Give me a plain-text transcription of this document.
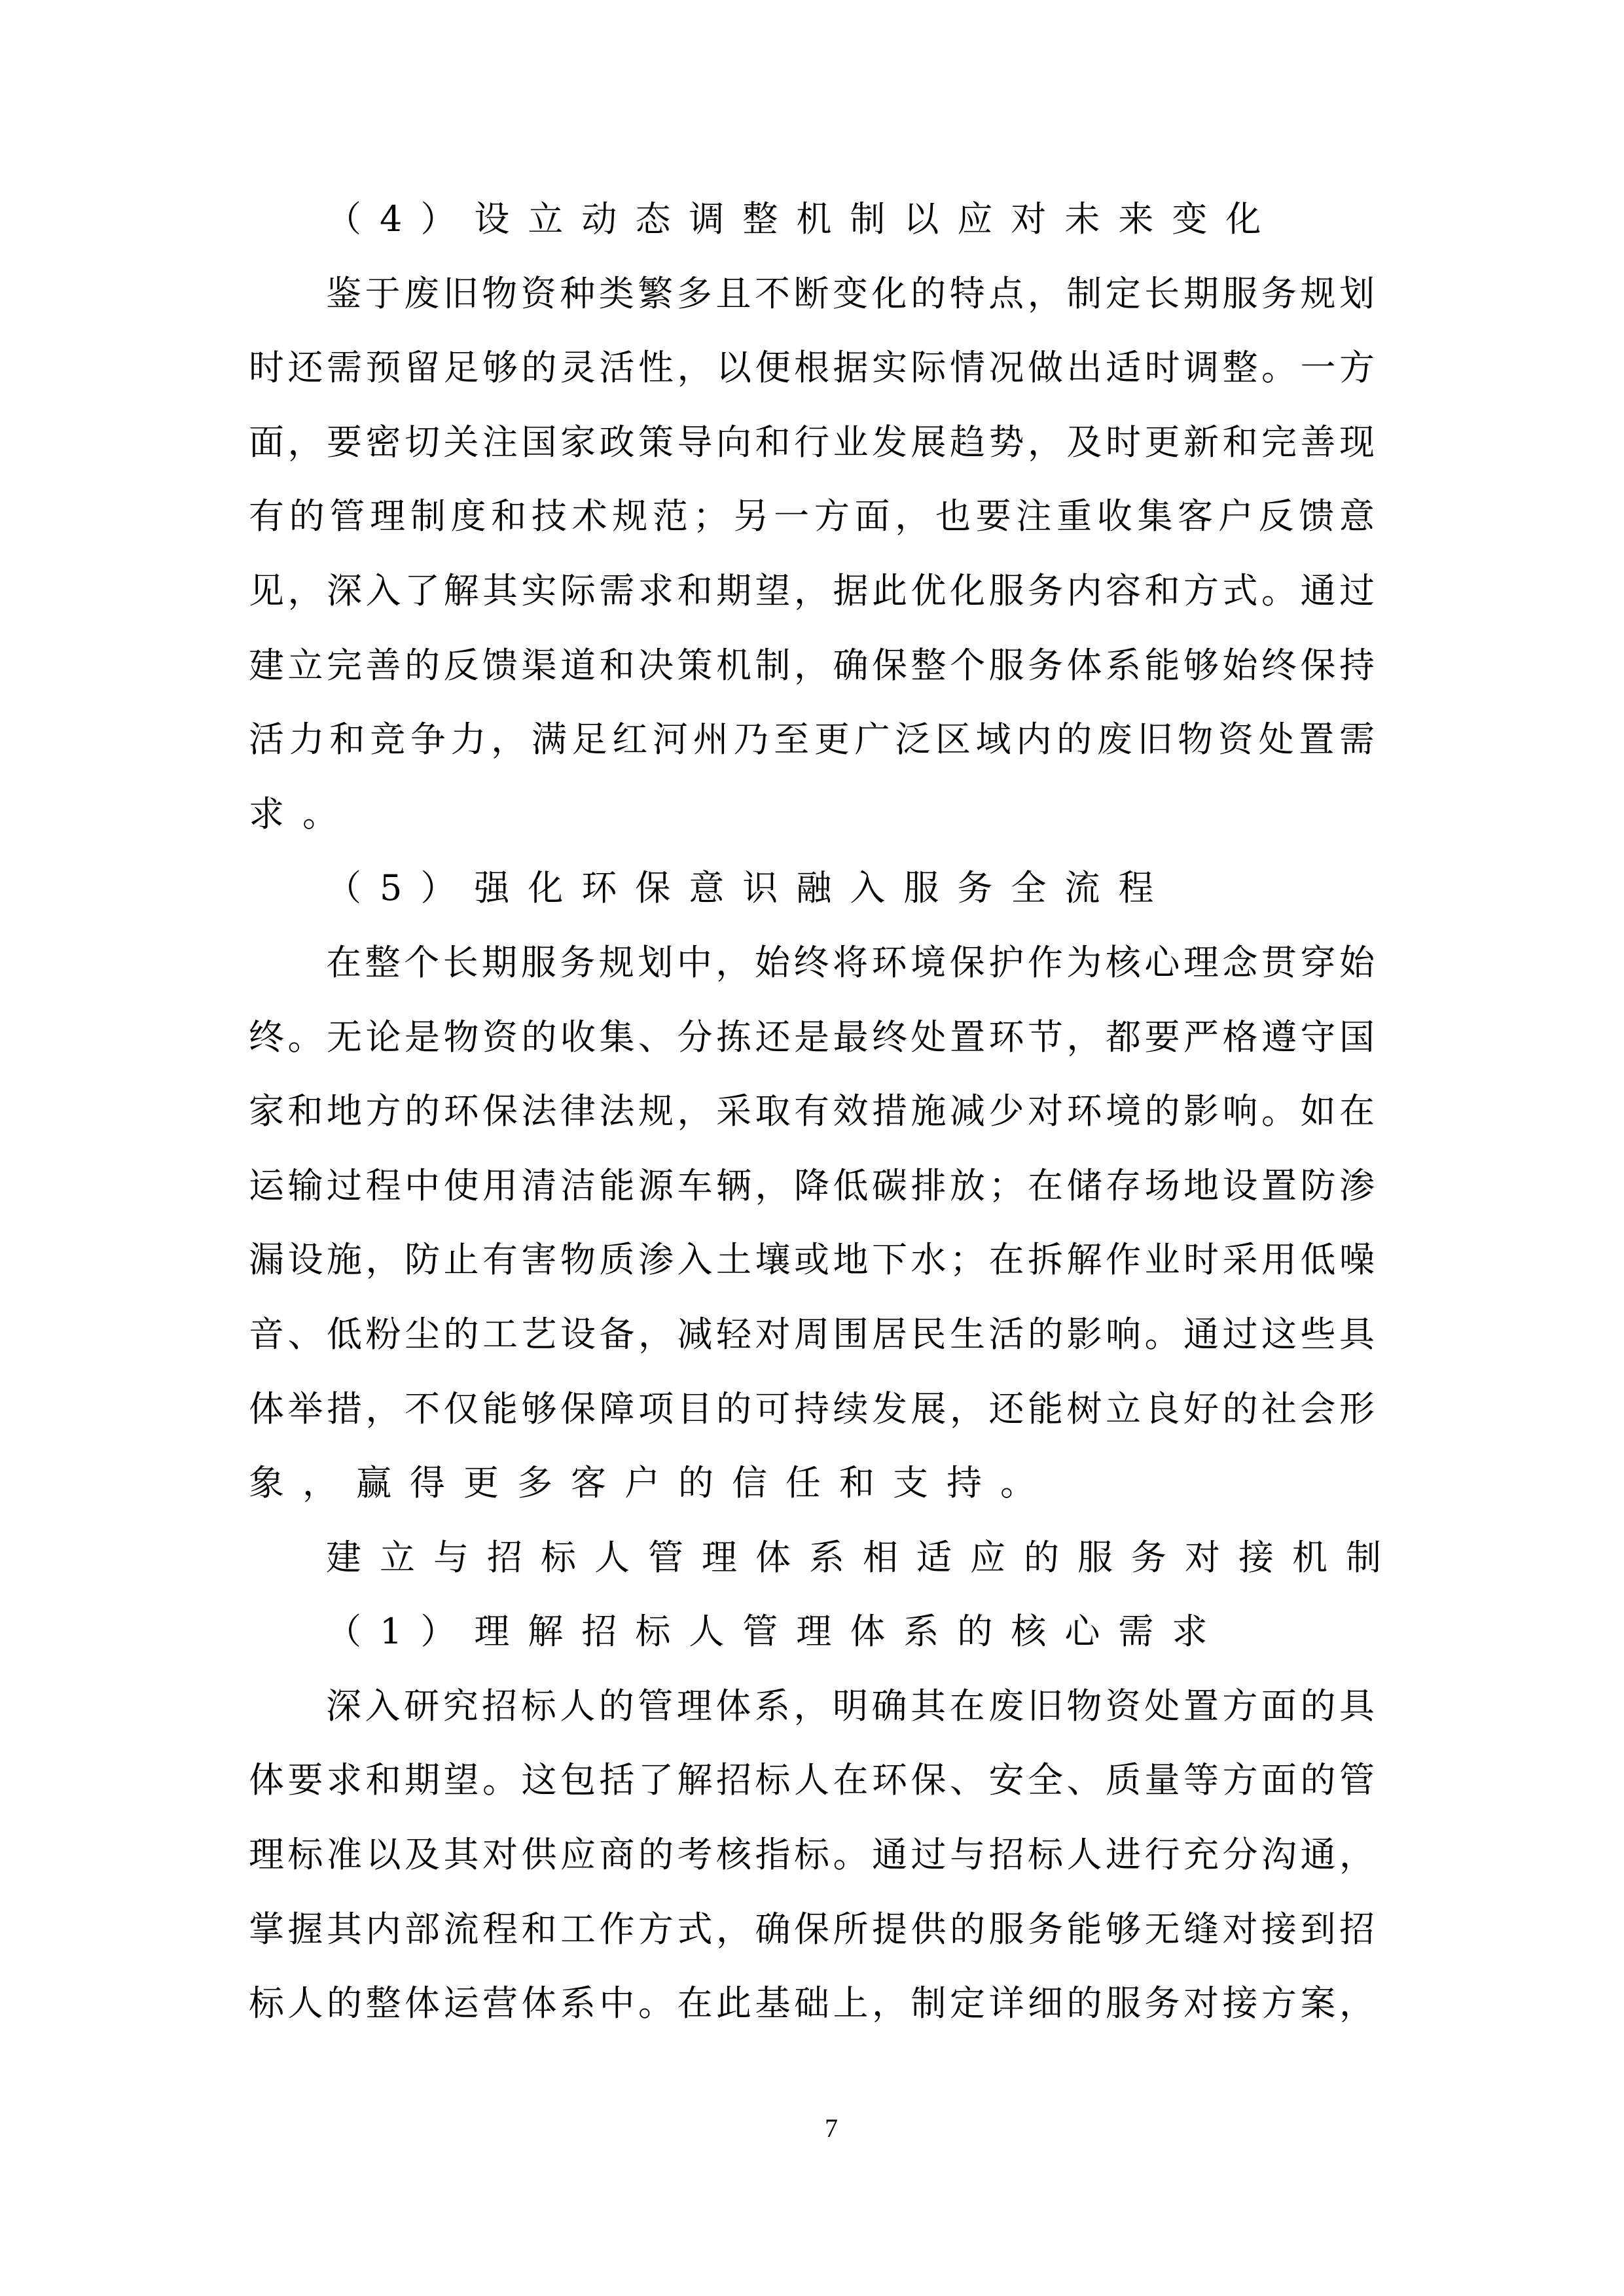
（4）设立动态调整机制以应对未来变化
鉴于废旧物资种类繁多且不断变化的特点，制定长期服务规划
时还需预留足够的灵活性，以便根据实际情况做出适时调整。一方
面，要密切关注国家政策导向和行业发展趋势，及时更新和完善现
有的管理制度和技术规范；另一方面，也要注重收集客户反馈意
见，深入了解其实际需求和期望，据此优化服务内容和方式。通过
建立完善的反馈渠道和决策机制，确保整个服务体系能够始终保持
活力和竞争力，满足红河州乃至更广泛区域内的废旧物资处置需
求。
（5）强化环保意识融入服务全流程
在整个长期服务规划中，始终将环境保护作为核心理念贯穿始
终。无论是物资的收集、分拣还是最终处置环节，都要严格遵守国
家和地方的环保法律法规，采取有效措施减少对环境的影响。如在
运输过程中使用清洁能源车辆，降低碳排放；在储存场地设置防渗
漏设施，防止有害物质渗入土壤或地下水；在拆解作业时采用低噪
音、低粉尘的工艺设备，减轻对周围居民生活的影响。通过这些具
体举措，不仅能够保障项目的可持续发展，还能树立良好的社会形
象，赢得更多客户的信任和支持。
建立与招标人管理体系相适应的服务对接机制
（1）理解招标人管理体系的核心需求
深入研究招标人的管理体系，明确其在废旧物资处置方面的具
体要求和期望。这包括了解招标人在环保、安全、质量等方面的管
理标准以及其对供应商的考核指标。通过与招标人进行充分沟通，
掌握其内部流程和工作方式，确保所提供的服务能够无缝对接到招
标人的整体运营体系中。在此基础上，制定详细的服务对接方案，
7
